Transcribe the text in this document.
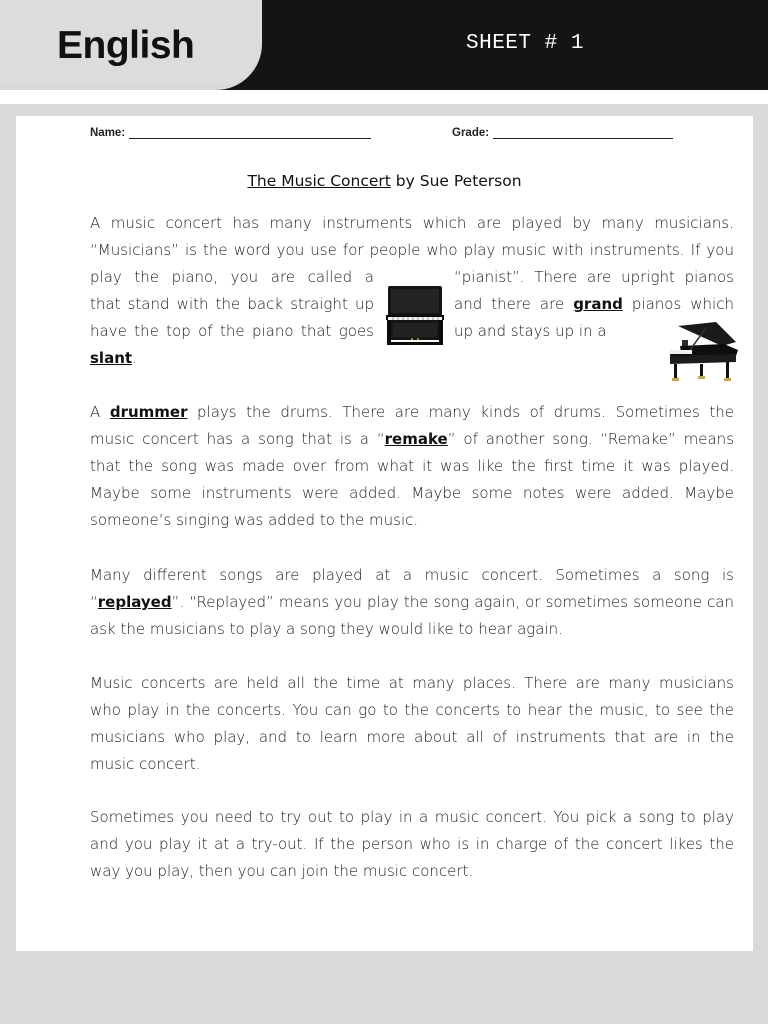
English	SHEET # 1
Name:	Grade:
The Music Concert by Sue Peterson
A music concert has many instruments which are played by many musicians.
“Musicians” is the word you use for people who play music with instruments. If you
play the piano, you are called a
that stand with the back straight up
have the top of the piano that goes
slant.
“pianist”. There are upright pianos
and there are grand pianos which
up and stays up in a
A drummer plays the drums. There are many kinds of drums. Sometimes the
music concert has a song that is a “remake” of another song. “Remake” means
that the song was made over from what it was like the first time it was played.
Maybe some instruments were added. Maybe some notes were added. Maybe
someone’s singing was added to the music.
Many different songs are played at a music concert. Sometimes a song is
“replayed”. “Replayed” means you play the song again, or sometimes someone can
ask the musicians to play a song they would like to hear again.
Music concerts are held all the time at many places. There are many musicians
who play in the concerts. You can go to the concerts to hear the music, to see the
musicians who play, and to learn more about all of instruments that are in the
music concert.
Sometimes you need to try out to play in a music concert. You pick a song to play
and you play it at a try-out. If the person who is in charge of the concert likes the
way you play, then you can join the music concert.
